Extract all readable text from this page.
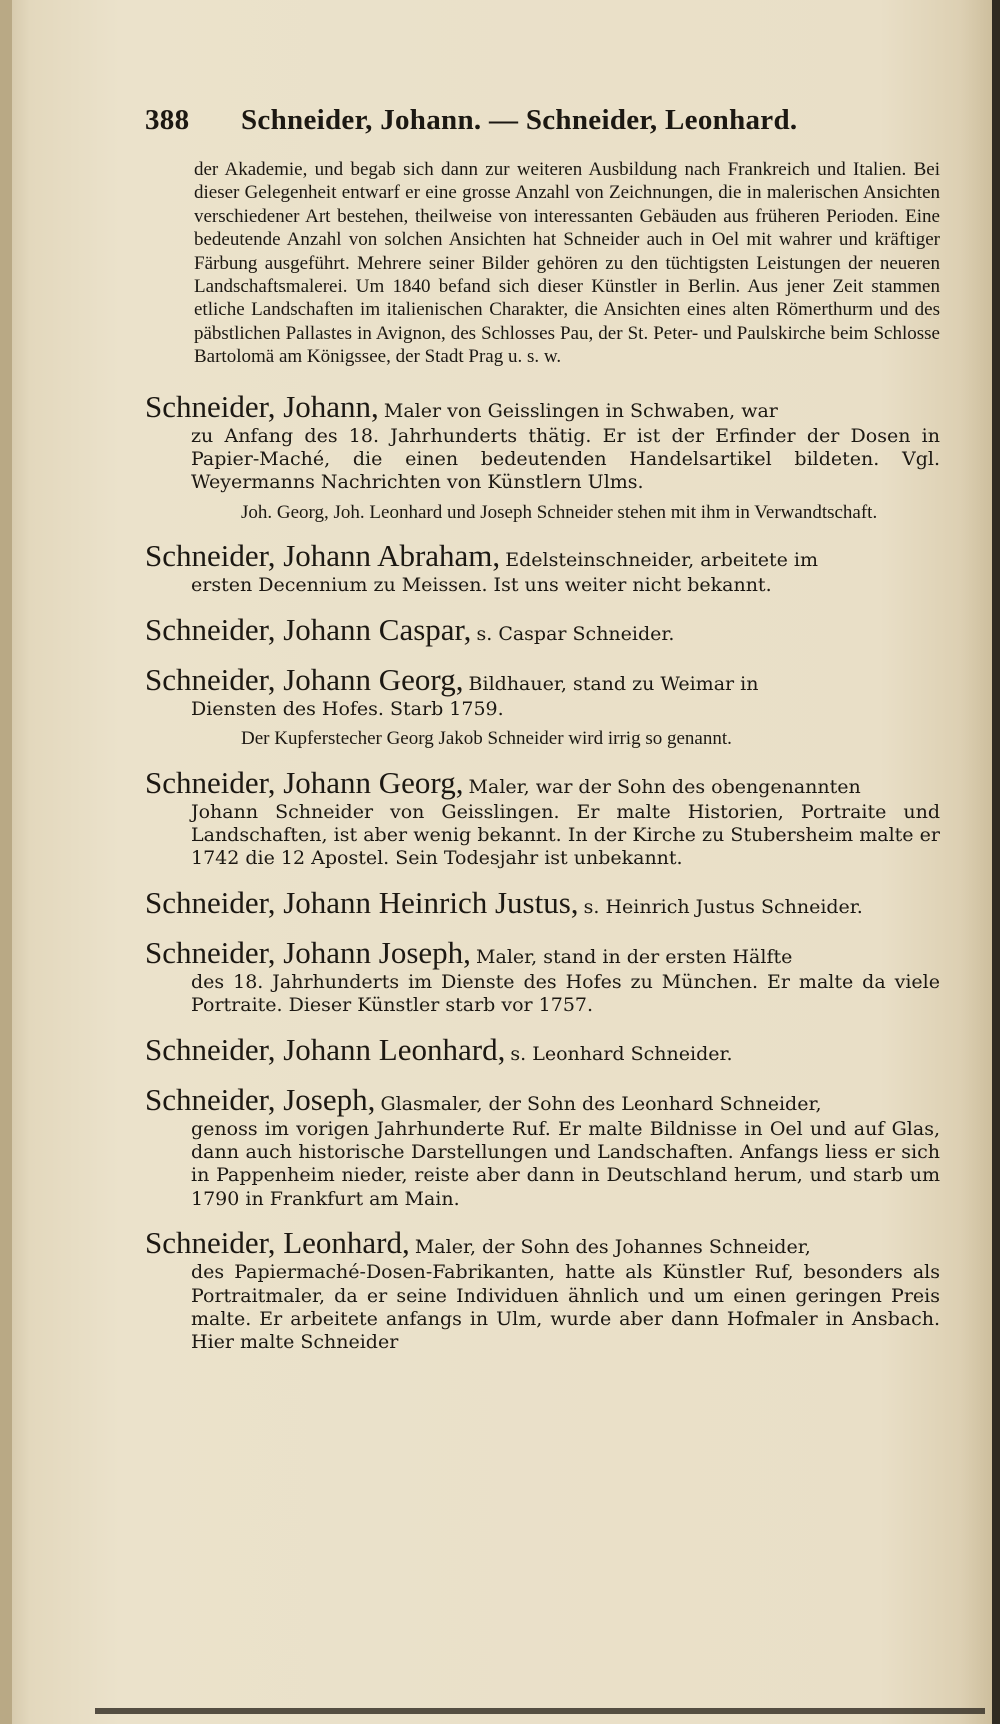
388 Schneider, Johann. — Schneider, Leonhard.

der Akademie, und begab sich dann zur weiteren Ausbildung nach Frankreich und Italien. Bei dieser Gelegenheit entwarf er eine grosse Anzahl von Zeichnungen, die in malerischen Ansichten verschiedener Art bestehen, theilweise von interessanten Gebäuden aus früheren Perioden. Eine bedeutende Anzahl von solchen Ansichten hat Schneider auch in Oel mit wahrer und kräftiger Färbung ausgeführt. Mehrere seiner Bilder gehören zu den tüchtigsten Leistungen der neueren Landschaftsmalerei. Um 1840 befand sich dieser Künstler in Berlin. Aus jener Zeit stammen etliche Landschaften im italienischen Charakter, die Ansichten eines alten Römerthurm und des päbstlichen Pallastes in Avignon, des Schlosses Pau, der St. Peter- und Paulskirche beim Schlosse Bartolomä am Königssee, der Stadt Prag u. s. w.

Schneider, Johann, Maler von Geisslingen in Schwaben, war
zu Anfang des 18. Jahrhunderts thätig. Er ist der Erfinder der Dosen in Papier-Maché, die einen bedeutenden Handelsartikel bildeten. Vgl. Weyermanns Nachrichten von Künstlern Ulms.

Joh. Georg, Joh. Leonhard und Joseph Schneider stehen mit ihm in Verwandtschaft.

Schneider, Johann Abraham, Edelsteinschneider, arbeitete im
ersten Decennium zu Meissen. Ist uns weiter nicht bekannt.
Schneider, Johann Caspar, s. Caspar Schneider.
Schneider, Johann Georg, Bildhauer, stand zu Weimar in
Diensten des Hofes. Starb 1759.

Der Kupferstecher Georg Jakob Schneider wird irrig so genannt.

Schneider, Johann Georg, Maler, war der Sohn des obengenannten
Johann Schneider von Geisslingen. Er malte Historien, Portraite und Landschaften, ist aber wenig bekannt. In der Kirche zu Stubersheim malte er 1742 die 12 Apostel. Sein Todesjahr ist unbekannt.
Schneider, Johann Heinrich Justus, s. Heinrich Justus Schneider.
Schneider, Johann Joseph, Maler, stand in der ersten Hälfte
des 18. Jahrhunderts im Dienste des Hofes zu München. Er malte da viele Portraite. Dieser Künstler starb vor 1757.
Schneider, Johann Leonhard, s. Leonhard Schneider.
Schneider, Joseph, Glasmaler, der Sohn des Leonhard Schneider,
genoss im vorigen Jahrhunderte Ruf. Er malte Bildnisse in Oel und auf Glas, dann auch historische Darstellungen und Landschaften. Anfangs liess er sich in Pappenheim nieder, reiste aber dann in Deutschland herum, und starb um 1790 in Frankfurt am Main.
Schneider, Leonhard, Maler, der Sohn des Johannes Schneider,
des Papiermaché-Dosen-Fabrikanten, hatte als Künstler Ruf, besonders als Portraitmaler, da er seine Individuen ähnlich und um einen geringen Preis malte. Er arbeitete anfangs in Ulm, wurde aber dann Hofmaler in Ansbach. Hier malte Schneider
